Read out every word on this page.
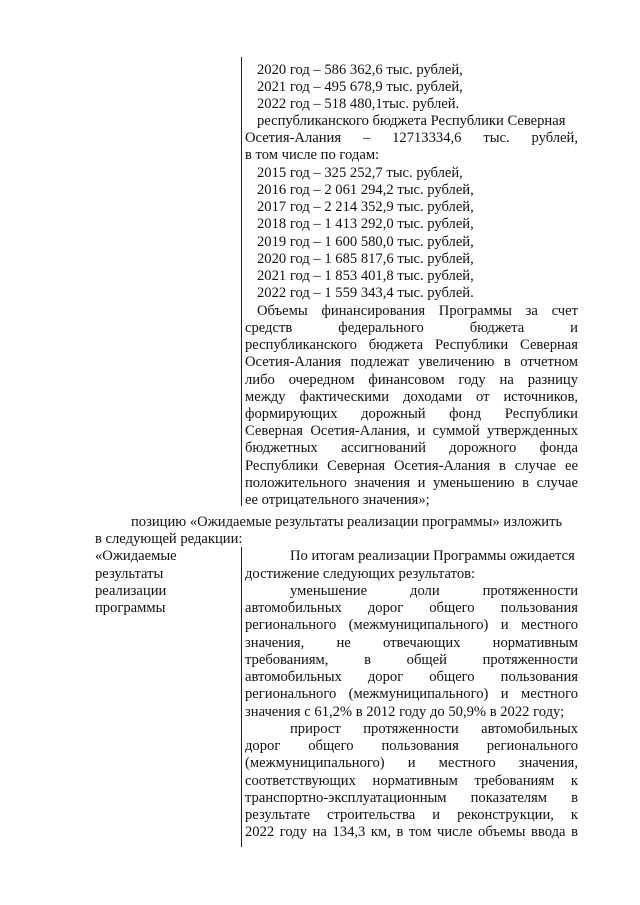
2020 год – 586 362,6 тыс. рублей,
2021 год – 495 678,9 тыс. рублей,
2022 год – 518 480,1тыс. рублей.
республиканского бюджета Республики Северная
Осетия-Алания – 12713334,6 тыс. рублей,
в том числе по годам:
2015 год – 325 252,7 тыс. рублей,
2016 год – 2 061 294,2 тыс. рублей,
2017 год – 2 214 352,9 тыс. рублей,
2018 год – 1 413 292,0 тыс. рублей,
2019 год – 1 600 580,0 тыс. рублей,
2020 год – 1 685 817,6 тыс. рублей,
2021 год – 1 853 401,8 тыс. рублей,
2022 год – 1 559 343,4 тыс. рублей.
Объемы финансирования Программы за счет
средств федерального бюджета и
республиканского бюджета Республики Северная
Осетия-Алания подлежат увеличению в отчетном
либо очередном финансовом году на разницу
между фактическими доходами от источников,
формирующих дорожный фонд Республики
Северная Осетия-Алания, и суммой утвержденных
бюджетных ассигнований дорожного фонда
Республики Северная Осетия-Алания в случае ее
положительного значения и уменьшению в случае
ее отрицательного значения»;
позицию «Ожидаемые результаты реализации программы» изложить
в следующей редакции:
«Ожидаемые
результаты
реализации
программы
По итогам реализации Программы ожидается
достижение следующих результатов:
уменьшение доли протяженности
автомобильных дорог общего пользования
регионального (межмуниципального) и местного
значения, не отвечающих нормативным
требованиям, в общей протяженности
автомобильных дорог общего пользования
регионального (межмуниципального) и местного
значения с 61,2% в 2012 году до 50,9% в 2022 году;
прирост протяженности автомобильных
дорог общего пользования регионального
(межмуниципального) и местного значения,
соответствующих нормативным требованиям к
транспортно-эксплуатационным показателям в
результате строительства и реконструкции, к
2022 году на 134,3 км, в том числе объемы ввода в
